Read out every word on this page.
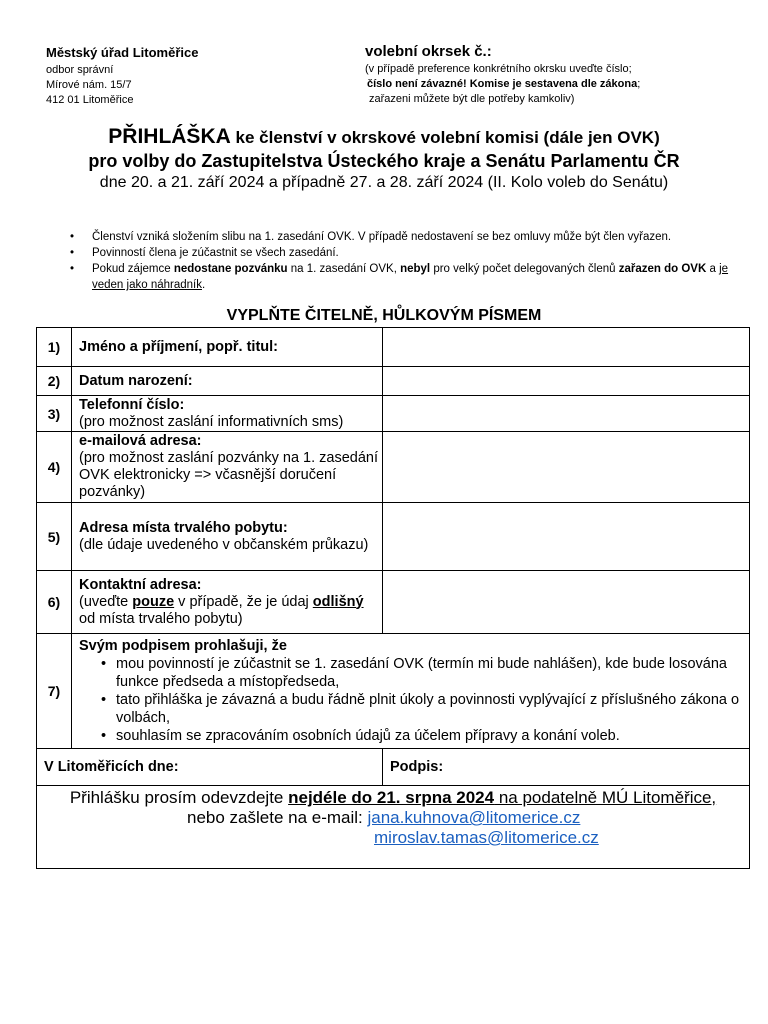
Městský úřad Litoměřice
odbor správní
Mírové nám. 15/7
412 01 Litoměřice
volební okrsek č.:
(v případě preference konkrétního okrsku uveďte číslo;
číslo není závazné! Komise je sestavena dle zákona;
zařazeni můžete být dle potřeby kamkoliv)
PŘIHLÁŠKA ke členství v okrskové volební komisi (dále jen OVK)
pro volby do Zastupitelstva Ústeckého kraje a Senátu Parlamentu ČR
dne 20. a 21. září 2024 a případně 27. a 28. září 2024 (II. Kolo voleb do Senátu)
• Členství vzniká složením slibu na 1. zasedání OVK. V případě nedostavení se bez omluvy může být člen vyřazen.
• Povinností člena je zúčastnit se všech zasedání.
• Pokud zájemce nedostane pozvánku na 1. zasedání OVK, nebyl pro velký počet delegovaných členů zařazen do OVK a je veden jako náhradník.
VYPLŇTE ČITELNĚ, HŮLKOVÝM PÍSMEM
1)	Jméno a příjmení, popř. titul:
2)	Datum narození:
3)
Telefonní číslo:
(pro možnost zaslání informativních sms)
4)
e-mailová adresa:
(pro možnost zaslání pozvánky na 1. zasedání OVK elektronicky => včasnější doručení pozvánky)
5)
Adresa místa trvalého pobytu:
(dle údaje uvedeného v občanském průkazu)
6)
Kontaktní adresa:
(uveďte pouze v případě, že je údaj odlišný
od místa trvalého pobytu)
7)
Svým podpisem prohlašuji, že
• mou povinností je zúčastnit se 1. zasedání OVK (termín mi bude nahlášen), kde bude losována funkce předseda a místopředseda,
• tato přihláška je závazná a budu řádně plnit úkoly a povinnosti vyplývající z příslušného zákona o volbách,
• souhlasím se zpracováním osobních údajů za účelem přípravy a konání voleb.
V Litoměřicích dne:	Podpis:
Přihlášku prosím odevzdejte nejdéle do 21. srpna 2024 na podatelně MÚ Litoměřice,
nebo zašlete na e-mail: jana.kuhnova@litomerice.cz
miroslav.tamas@litomerice.cz
